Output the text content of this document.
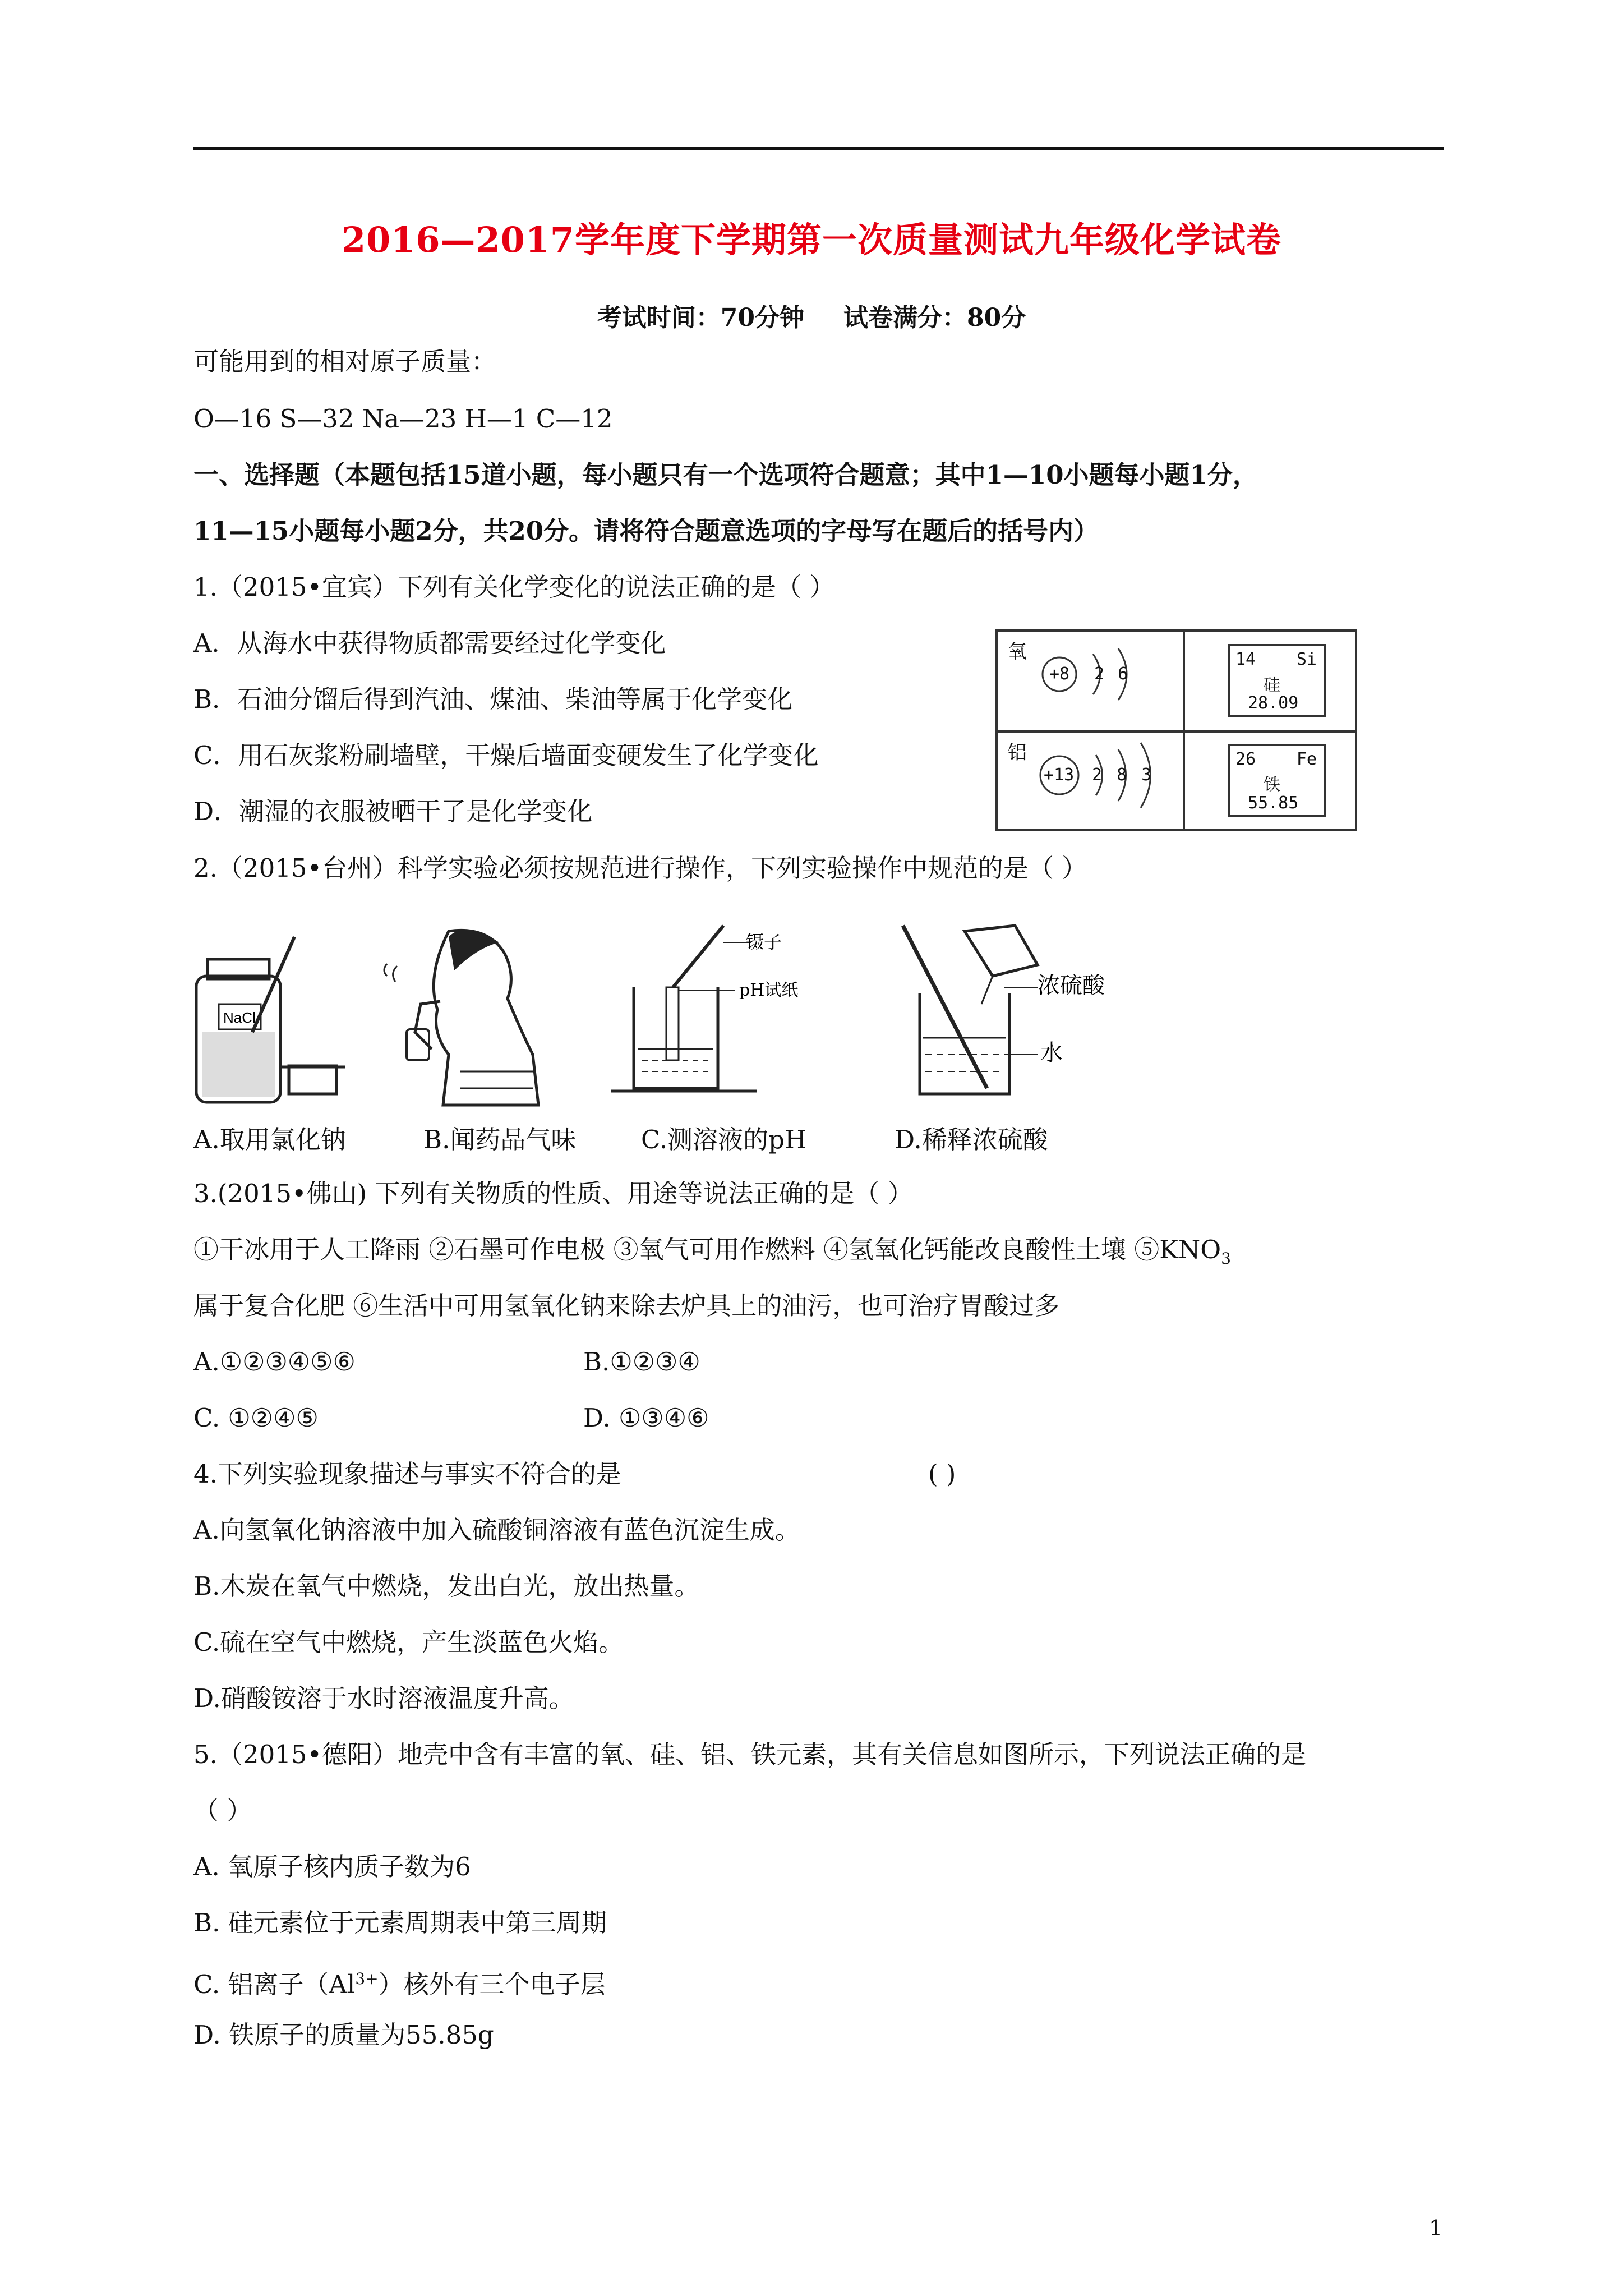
2016—2017学年度下学期第一次质量测试九年级化学试卷
考试时间：70分钟 试卷满分：80分
可能用到的相对原子质量：
O—16 S—32 Na—23 H—1 C—12
一、选择题（本题包括15道小题，每小题只有一个选项符合题意；其中1—10小题每小题1分，
11—15小题每小题2分，共20分。请将符合题意选项的字母写在题后的括号内）
1.（2015•宜宾）下列有关化学变化的说法正确的是（ ）
A．从海水中获得物质都需要经过化学变化
B．石油分馏后得到汽油、煤油、柴油等属于化学变化
C．用石灰浆粉刷墙壁，干燥后墙面变硬发生了化学变化
D．潮湿的衣服被晒干了是化学变化
氧
铝
+8 2 6
+13 2 8 3
14 Si
硅
28.09
26 Fe
铁
55.85
2.（2015•台州）科学实验必须按规范进行操作，下列实验操作中规范的是（ ）
NaCl
镊子
pH试纸	浓硫酸
水
A.取用氯化钠	B.闻药品气味	C.测溶液的pH	D.稀释浓硫酸
3.(2015•佛山) 下列有关物质的性质、用途等说法正确的是（ ）
①干冰用于人工降雨 ②石墨可作电极 ③氧气可用作燃料 ④氢氧化钙能改良酸性土壤 $⑤KNO_3$
属于复合化肥 ⑥生活中可用氢氧化钠来除去炉具上的油污，也可治疗胃酸过多
A.①②③④⑤⑥	B.①②③④
C. ①②④⑤	D. ①③④⑥
4.下列实验现象描述与事实不符合的是	( )
A.向氢氧化钠溶液中加入硫酸铜溶液有蓝色沉淀生成。
B.木炭在氧气中燃烧，发出白光，放出热量。
C.硫在空气中燃烧，产生淡蓝色火焰。
D.硝酸铵溶于水时溶液温度升高。
5.（2015•德阳）地壳中含有丰富的氧、硅、铝、铁元素，其有关信息如图所示，下列说法正确的是
（ ）
A. 氧原子核内质子数为6
B. 硅元素位于元素周期表中第三周期
C. 铝离子$(Al^{3+})$核外有三个电子层
D. 铁原子的质量为55.85g
1
